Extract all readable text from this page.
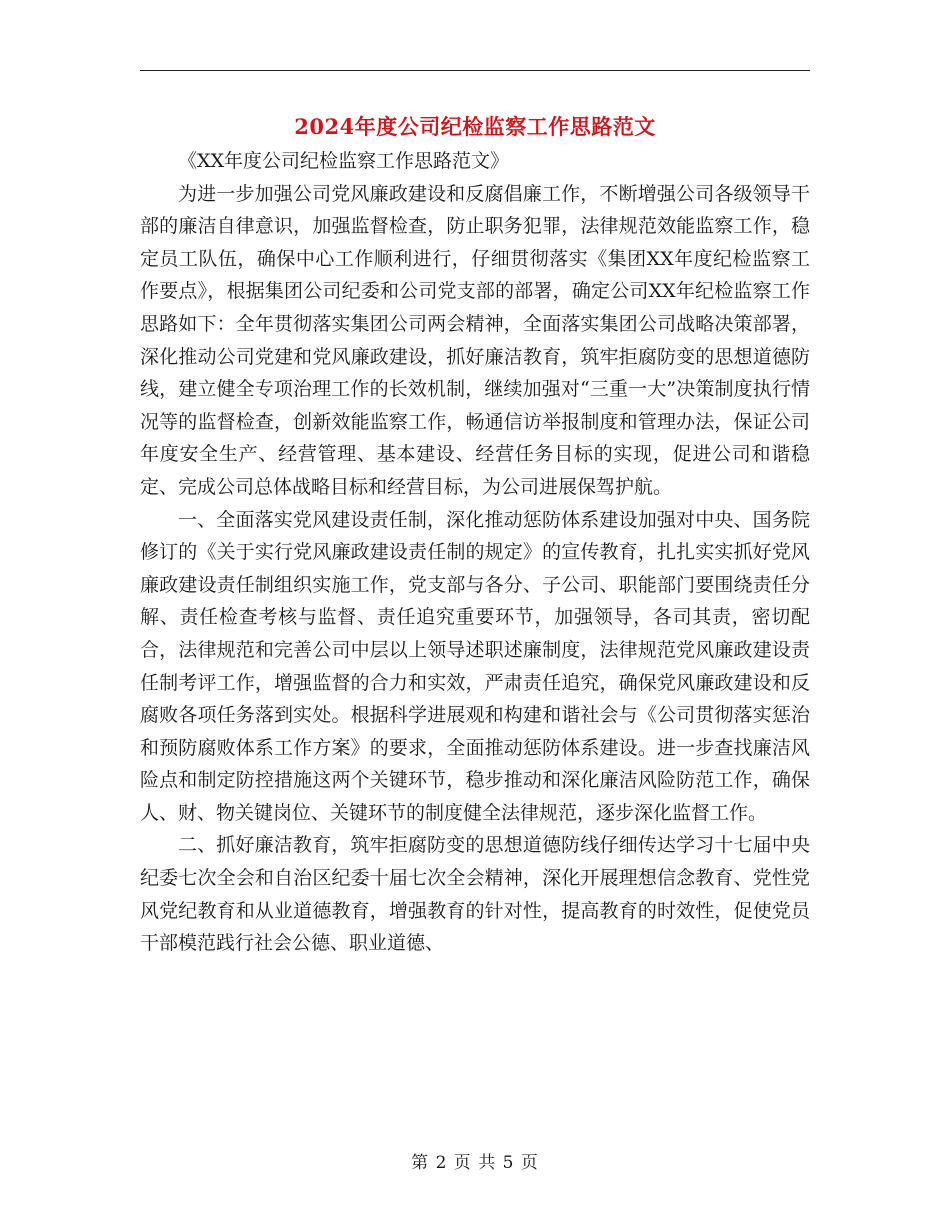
2024年度公司纪检监察工作思路范文

《XX年度公司纪检监察工作思路范文》

为进一步加强公司党风廉政建设和反腐倡廉工作，不断增强公司各级领导干部的廉洁自律意识，加强监督检查，防止职务犯罪，法律规范效能监察工作，稳定员工队伍，确保中心工作顺利进行，仔细贯彻落实《集团XX年度纪检监察工作要点》，根据集团公司纪委和公司党支部的部署，确定公司XX年纪检监察工作思路如下：全年贯彻落实集团公司两会精神，全面落实集团公司战略决策部署，深化推动公司党建和党风廉政建设，抓好廉洁教育，筑牢拒腐防变的思想道德防线，建立健全专项治理工作的长效机制，继续加强对“三重一大”决策制度执行情况等的监督检查，创新效能监察工作，畅通信访举报制度和管理办法，保证公司年度安全生产、经营管理、基本建设、经营任务目标的实现，促进公司和谐稳定、完成公司总体战略目标和经营目标，为公司进展保驾护航。

一、全面落实党风建设责任制，深化推动惩防体系建设加强对中央、国务院修订的《关于实行党风廉政建设责任制的规定》的宣传教育，扎扎实实抓好党风廉政建设责任制组织实施工作，党支部与各分、子公司、职能部门要围绕责任分解、责任检查考核与监督、责任追究重要环节，加强领导，各司其责，密切配合，法律规范和完善公司中层以上领导述职述廉制度，法律规范党风廉政建设责任制考评工作，增强监督的合力和实效，严肃责任追究，确保党风廉政建设和反腐败各项任务落到实处。根据科学进展观和构建和谐社会与《公司贯彻落实惩治和预防腐败体系工作方案》的要求，全面推动惩防体系建设。进一步查找廉洁风险点和制定防控措施这两个关键环节，稳步推动和深化廉洁风险防范工作，确保人、财、物关键岗位、关键环节的制度健全法律规范，逐步深化监督工作。

二、抓好廉洁教育，筑牢拒腐防变的思想道德防线仔细传达学习十七届中央纪委七次全会和自治区纪委十届七次全会精神，深化开展理想信念教育、党性党风党纪教育和从业道德教育，增强教育的针对性，提高教育的时效性，促使党员干部模范践行社会公德、职业道德、

第 2 页 共 5 页
